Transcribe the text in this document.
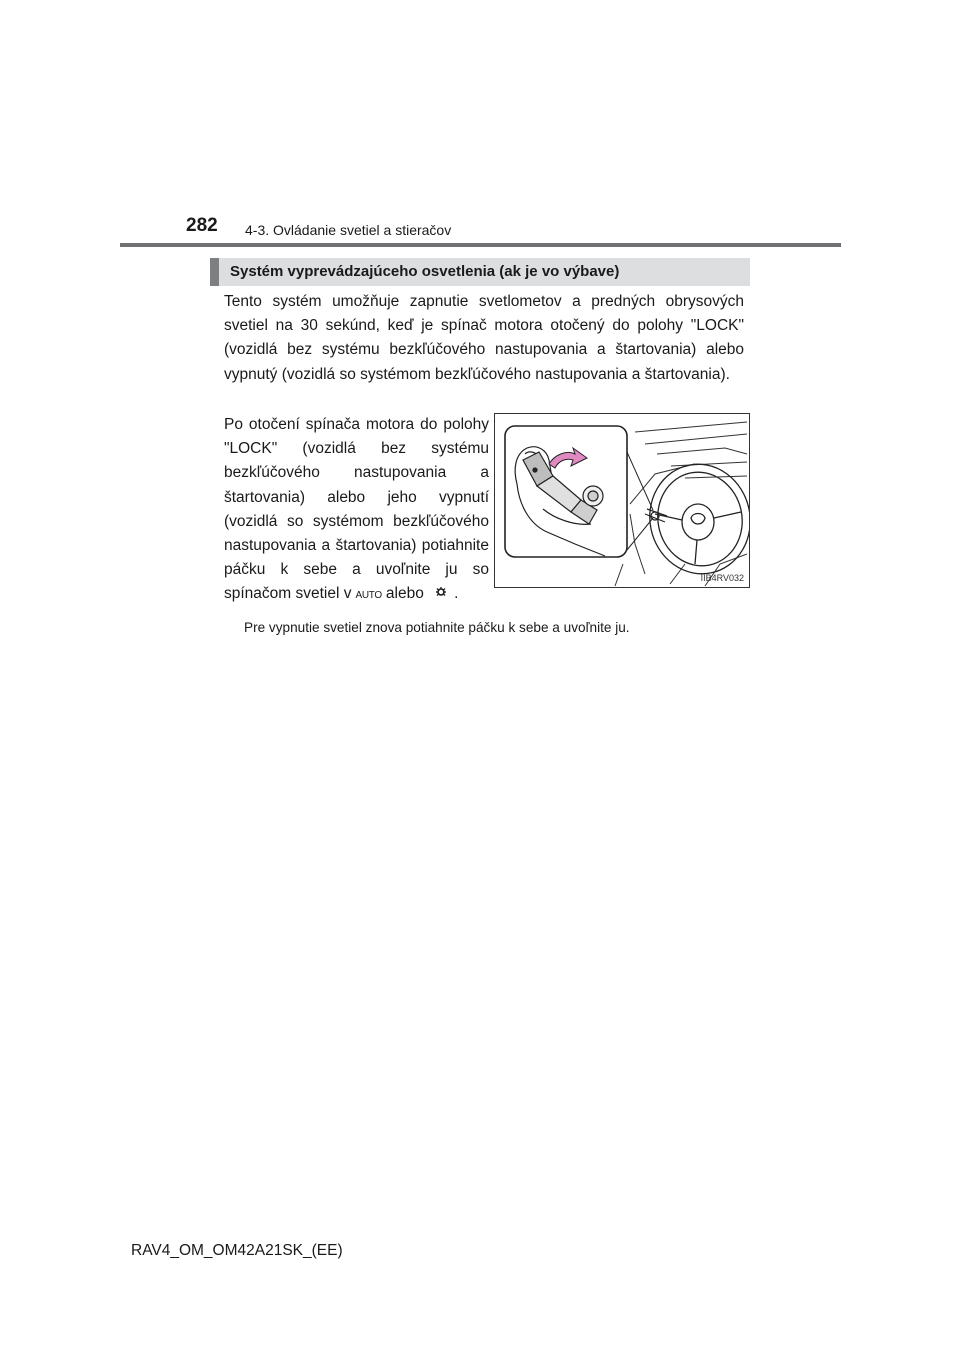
282 4-3. Ovládanie svetiel a stieračov
Systém vyprevádzajúceho osvetlenia (ak je vo výbave)

Tento systém umožňuje zapnutie svetlometov a predných obrysových svetiel na 30 sekúnd, keď je spínač motora otočený do polohy "LOCK" (vozidlá bez systému bezkľúčového nastupovania a štartovania) alebo vypnutý (vozidlá so systémom bezkľúčového nastupovania a štartovania).

Po otočení spínača motora do polohy "LOCK" (vozidlá bez systému bezkľúčového nastupovania a štartovania) alebo jeho vypnutí (vozidlá so systémom bezkľúčového nastupovania a štartovania) potiahnite páčku k sebe a uvoľnite ju so spínačom svetiel v AUTO alebo .

IIB4RV032

Pre vypnutie svetiel znova potiahnite páčku k sebe a uvoľnite ju.

RAV4_OM_OM42A21SK_(EE)
